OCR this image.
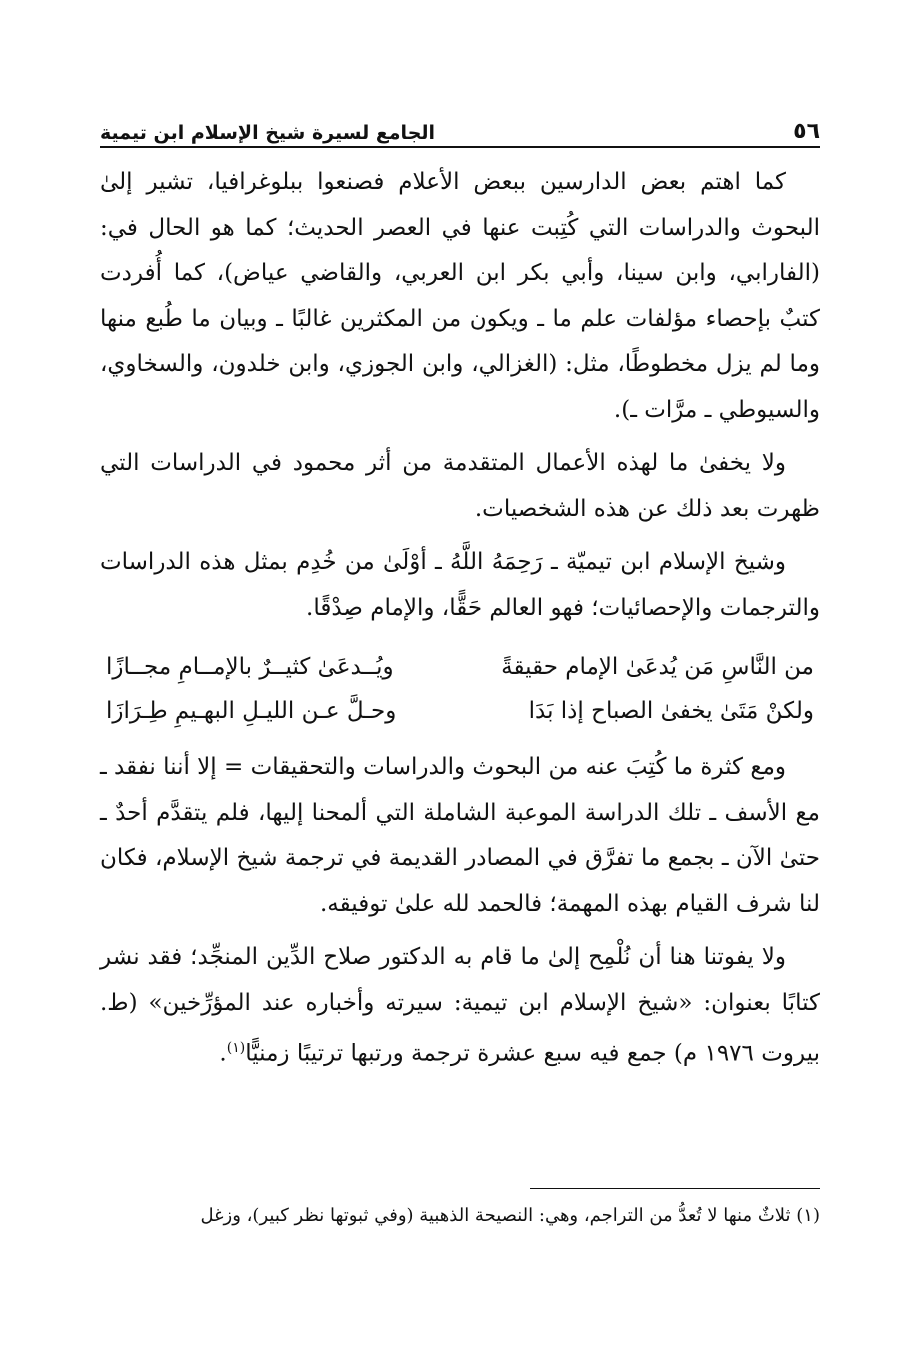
٥٦
الجامع لسيرة شيخ الإسلام ابن تيمية

كما اهتم بعض الدارسين ببعض الأعلام فصنعوا ببلوغرافيا، تشير إلىٰ البحوث والدراسات التي كُتِبت عنها في العصر الحديث؛ كما هو الحال في: (الفارابي، وابن سينا، وأبي بكر ابن العربي، والقاضي عياض)، كما أُفردت كتبٌ بإحصاء مؤلفات علم ما ـ ويكون من المكثرين غالبًا ـ وبيان ما طُبع منها وما لم يزل مخطوطًا، مثل: (الغزالي، وابن الجوزي، وابن خلدون، والسخاوي، والسيوطي ـ مرَّات ـ).

ولا يخفىٰ ما لهذه الأعمال المتقدمة من أثر محمود في الدراسات التي ظهرت بعد ذلك عن هذه الشخصيات.

وشيخ الإسلام ابن تيميّة ـ رَحِمَهُ اللَّهُ ـ أوْلَىٰ من خُدِم بمثل هذه الدراسات والترجمات والإحصائيات؛ فهو العالم حَقًّا، والإمام صِدْقًا.

من النَّاسِ مَن يُدعَىٰ الإمام حقيقةً
ويُــدعَىٰ كثيــرٌ بالإمــامِ مجــازًا
ولكنْ مَتَىٰ يخفىٰ الصباح إذا بَدَا
وحـلَّ عـن الليـلِ البهـيمِ طِـرَازَا

ومع كثرة ما كُتِبَ عنه من البحوث والدراسات والتحقيقات = إلا أننا نفقد ـ مع الأسف ـ تلك الدراسة الموعبة الشاملة التي ألمحنا إليها، فلم يتقدَّم أحدٌ ـ حتىٰ الآن ـ بجمع ما تفرَّق في المصادر القديمة في ترجمة شيخ الإسلام، فكان لنا شرف القيام بهذه المهمة؛ فالحمد لله علىٰ توفيقه.

ولا يفوتنا هنا أن نُلْمِح إلىٰ ما قام به الدكتور صلاح الدِّين المنجِّد؛ فقد نشر كتابًا بعنوان: «شيخ الإسلام ابن تيمية: سيرته وأخباره عند المؤرِّخين» (ط. بيروت ١٩٧٦ م) جمع فيه سبع عشرة ترجمة ورتبها ترتيبًا زمنيًّا$^{(١)}$.

(١) ثلاثٌ منها لا تُعدُّ من التراجم، وهي: النصيحة الذهبية (وفي ثبوتها نظر كبير)، وزغل
